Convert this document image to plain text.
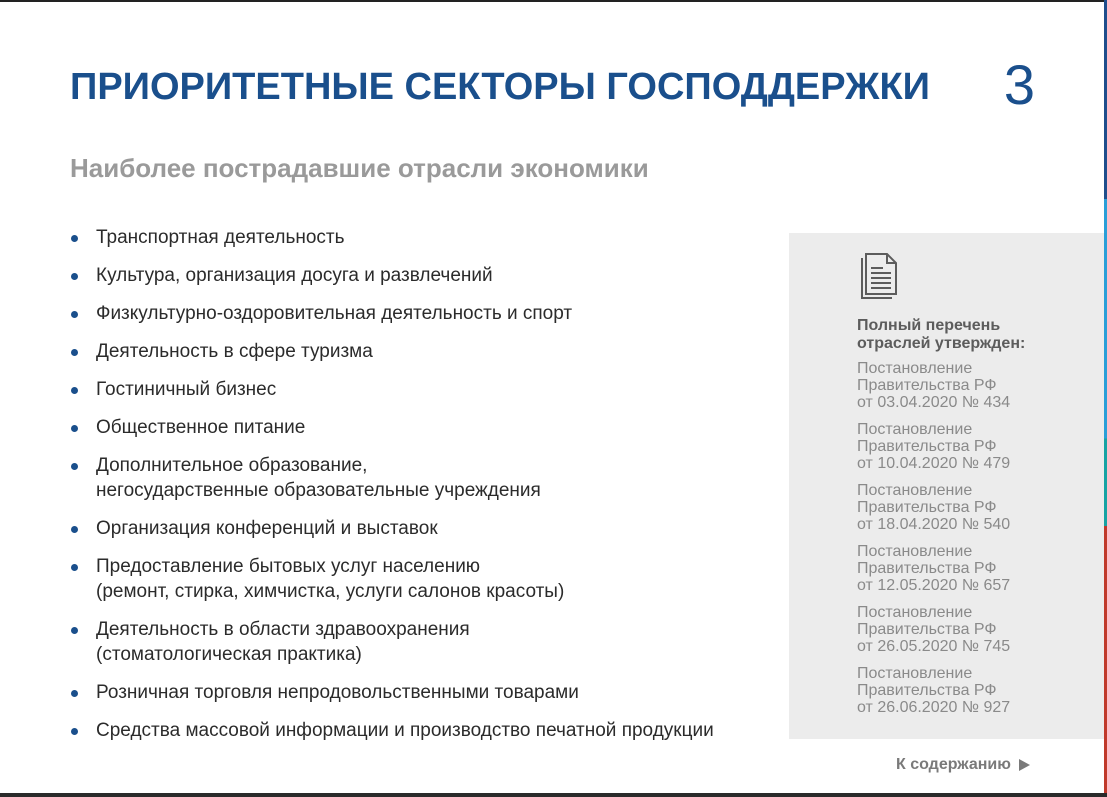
ПРИОРИТЕТНЫЕ СЕКТОРЫ ГОСПОДДЕРЖКИ 3
Наиболее пострадавшие отрасли экономики
Транспортная деятельность
Культура, организация досуга и развлечений
Физкультурно-оздоровительная деятельность и спорт
Деятельность в сфере туризма
Гостиничный бизнес
Общественное питание
Дополнительное образование,
негосударственные образовательные учреждения
Организация конференций и выставок
Предоставление бытовых услуг населению
(ремонт, стирка, химчистка, услуги салонов красоты)
Деятельность в области здравоохранения
(стоматологическая практика)
Розничная торговля непродовольственными товарами
Средства массовой информации и производство печатной продукции
Полный перечень
отраслей утвержден:
Постановление
Правительства РФ
от 03.04.2020 № 434
Постановление
Правительства РФ
от 10.04.2020 № 479
Постановление
Правительства РФ
от 18.04.2020 № 540
Постановление
Правительства РФ
от 12.05.2020 № 657
Постановление
Правительства РФ
от 26.05.2020 № 745
Постановление
Правительства РФ
от 26.06.2020 № 927
К содержанию
